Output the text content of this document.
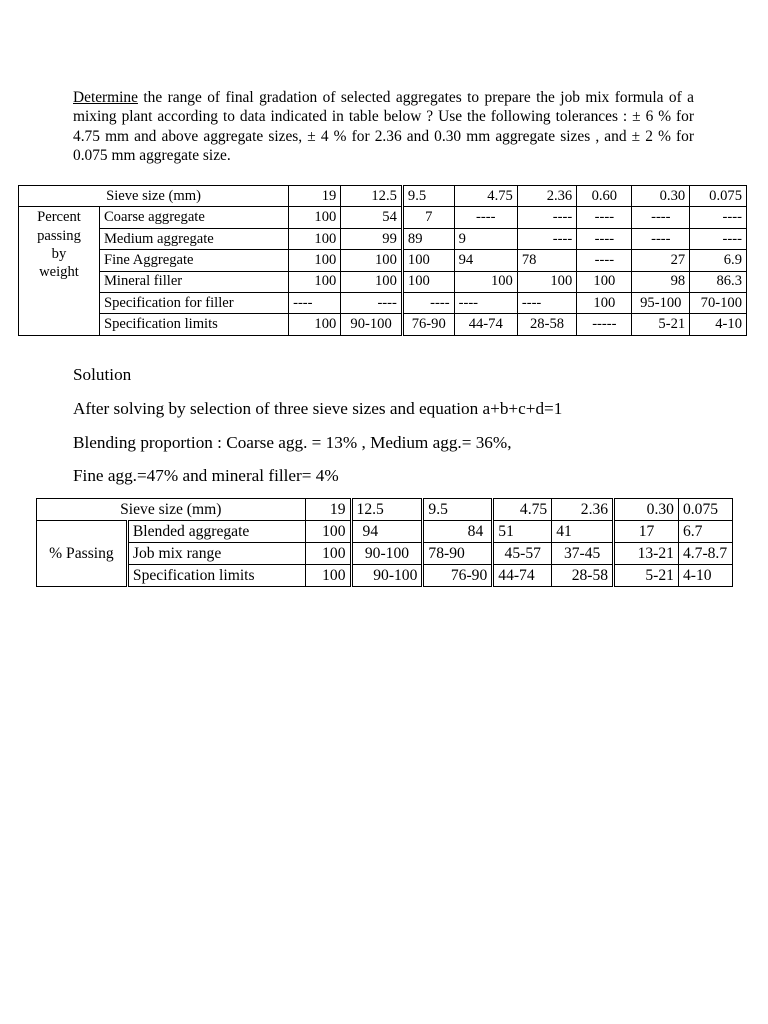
Determine the range of final gradation of selected aggregates to prepare the job mix formula of a mixing plant according to data indicated in table below ? Use the following tolerances : ± 6 % for 4.75 mm and above aggregate sizes, ± 4 % for 2.36 and 0.30 mm aggregate sizes , and ± 2 % for 0.075 mm aggregate size.

Sieve size (mm)		19	12.5	9.5	4.75	2.36	0.60	0.30	0.075
Percent
passing
by
weight	Coarse aggregate	100	54	7	----	----	----	----	----
	Medium aggregate	100	99	89	9	----	----	----	----
	Fine Aggregate	100	100	100	94	78	----	27	6.9
	Mineral filler	100	100	100	100	100	100	98	86.3
	Specification for filler	----	----	----	----	----	100	95-100	70-100
	Specification limits	100	90-100	76-90	44-74	28-58	-----	5-21	4-10
Solution
After solving by selection of three sieve sizes and equation a+b+c+d=1
Blending proportion : Coarse agg. = 13% , Medium agg.= 36%,
Fine agg.=47% and mineral filler= 4%
Sieve size (mm)		19	12.5	9.5	4.75	2.36	0.30	0.075
% Passing	Blended aggregate	100	94	84	51	41	17	6.7
	Job mix range	100	90-100	78-90	45-57	37-45	13-21	4.7-8.7
	Specification limits	100	90-100	76-90	44-74	28-58	5-21	4-10
